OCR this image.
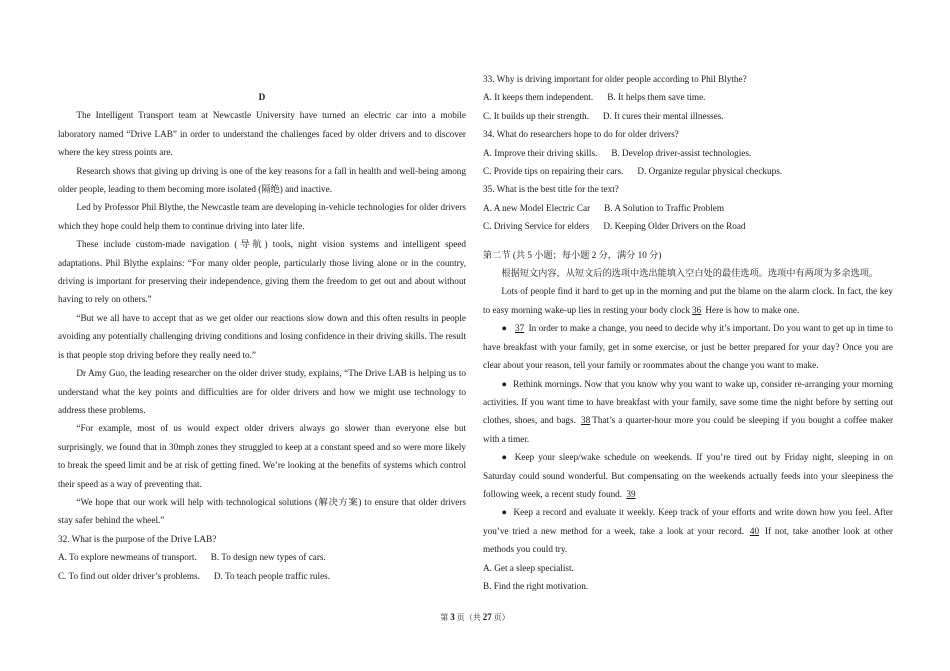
D

The Intelligent Transport team at Newcastle University have turned an electric car into a mobile laboratory named “Drive LAB” in order to understand the challenges faced by older drivers and to discover where the key stress points are.

Research shows that giving up driving is one of the key reasons for a fall in health and well-being among older people, leading to them becoming more isolated (隔绝) and inactive.

Led by Professor Phil Blythe, the Newcastle team are developing in-vehicle technologies for older drivers which they hope could help them to continue driving into later life.

These include custom-made navigation (导航) tools, night vision systems and intelligent speed adaptations. Phil Blythe explains: “For many older people, particularly those living alone or in the country, driving is important for preserving their independence, giving them the freedom to get out and about without having to rely on others.”

“But we all have to accept that as we get older our reactions slow down and this often results in people avoiding any potentially challenging driving conditions and losing confidence in their driving skills. The result is that people stop driving before they really need to.”

Dr Amy Guo, the leading researcher on the older driver study, explains, “The Drive LAB is helping us to understand what the key points and difficulties are for older drivers and how we might use technology to address these problems.

“For example, most of us would expect older drivers always go slower than everyone else but surprisingly, we found that in 30mph zones they struggled to keep at a constant speed and so were more likely to break the speed limit and be at risk of getting fined. We’re looking at the benefits of systems which control their speed as a way of preventing that.

“We hope that our work will help with technological solutions (解决方案) to ensure that older drivers stay safer behind the wheel.”

32. What is the purpose of the Drive LAB?

A. To explore newmeans of transport. B. To design new types of cars.
C. To find out older driver’s problems. D. To teach people traffic rules.

33. Why is driving important for older people according to Phil Blythe?

A. It keeps them independent. B. It helps them save time.
C. It builds up their strength. D. It cures their mental illnesses.

34. What do researchers hope to do for older drivers?

A. Improve their driving skills. B. Develop driver-assist technologies.
C. Provide tips on repairing their cars. D. Organize regular physical checkups.

35. What is the best title for the text?

A. A new Model Electric Car B. A Solution to Traffic Problem
C. Driving Service for elders D. Keeping Older Drivers on the Road

第二节 (共 5 小题；每小题 2 分，满分 10 分)

根据短文内容，从短文后的选项中选出能填入空白处的最佳选项。选项中有两项为多余选项。

Lots of people find it hard to get up in the morning and put the blame on the alarm clock. In fact, the key to easy morning wake-up lies in resting your body clock 36 Here is how to make one.

● 37 In order to make a change, you need to decide why it’s important. Do you want to get up in time to have breakfast with your family, get in some exercise, or just be better prepared for your day? Once you are clear about your reason, tell your family or roommates about the change you want to make.

● Rethink mornings. Now that you know why you want to wake up, consider re-arranging your morning activities. If you want time to have breakfast with your family, save some time the night before by setting out clothes, shoes, and bags. 38 That’s a quarter-hour more you could be sleeping if you bought a coffee maker with a timer.

● Keep your sleep/wake schedule on weekends. If you’re tired out by Friday night, sleeping in on Saturday could sound wonderful. But compensating on the weekends actually feeds into your sleepiness the following week, a recent study found. 39

● Keep a record and evaluate it weekly. Keep track of your efforts and write down how you feel. After you’ve tried a new method for a week, take a look at your record. 40 If not, take another look at other methods you could try.

A. Get a sleep specialist.

B. Find the right motivation.

第 3 页（共 27 页）
